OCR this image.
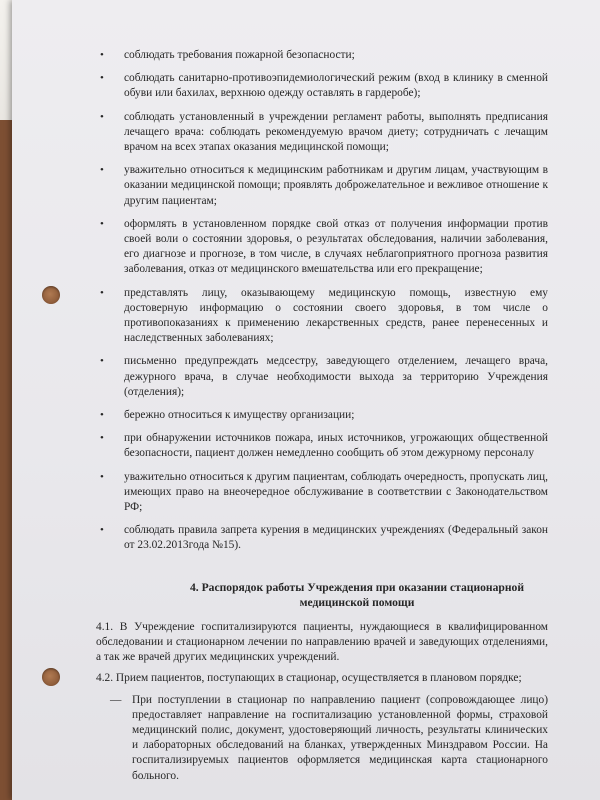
• соблюдать требования пожарной безопасности;
• соблюдать санитарно-противоэпидемиологический режим (вход в клинику в сменной обуви или бахилах, верхнюю одежду оставлять в гардеробе);
• соблюдать установленный в учреждении регламент работы, выполнять предписания лечащего врача: соблюдать рекомендуемую врачом диету; сотрудничать с лечащим врачом на всех этапах оказания медицинской помощи;
• уважительно относиться к медицинским работникам и другим лицам, участвующим в оказании медицинской помощи; проявлять доброжелательное и вежливое отношение к другим пациентам;
• оформлять в установленном порядке свой отказ от получения информации против своей воли о состоянии здоровья, о результатах обследования, наличии заболевания, его диагнозе и прогнозе, в том числе, в случаях неблагоприятного прогноза развития заболевания, отказ от медицинского вмешательства или его прекращение;
• представлять лицу, оказывающему медицинскую помощь, известную ему достоверную информацию о состоянии своего здоровья, в том числе о противопоказаниях к применению лекарственных средств, ранее перенесенных и наследственных заболеваниях;
• письменно предупреждать медсестру, заведующего отделением, лечащего врача, дежурного врача, в случае необходимости выхода за территорию Учреждения (отделения);
• бережно относиться к имуществу организации;
• при обнаружении источников пожара, иных источников, угрожающих общественной безопасности, пациент должен немедленно сообщить об этом дежурному персоналу
• уважительно относиться к другим пациентам, соблюдать очередность, пропускать лиц, имеющих право на внеочередное обслуживание в соответствии с Законодательством РФ;
• соблюдать правила запрета курения в медицинских учреждениях (Федеральный закон от 23.02.2013года №15).
4. Распорядок работы Учреждения при оказании стационарной медицинской помощи

4.1. В Учреждение госпитализируются пациенты, нуждающиеся в квалифицированном обследовании и стационарном лечении по направлению врачей и заведующих отделениями, а так же врачей других медицинских учреждений.

4.2. Прием пациентов, поступающих в стационар, осуществляется в плановом порядке;

— При поступлении в стационар по направлению пациент (сопровождающее лицо) предоставляет направление на госпитализацию установленной формы, страховой медицинский полис, документ, удостоверяющий личность, результаты клинических и лабораторных обследований на бланках, утвержденных Минздравом России. На госпитализируемых пациентов оформляется медицинская карта стационарного больного.
